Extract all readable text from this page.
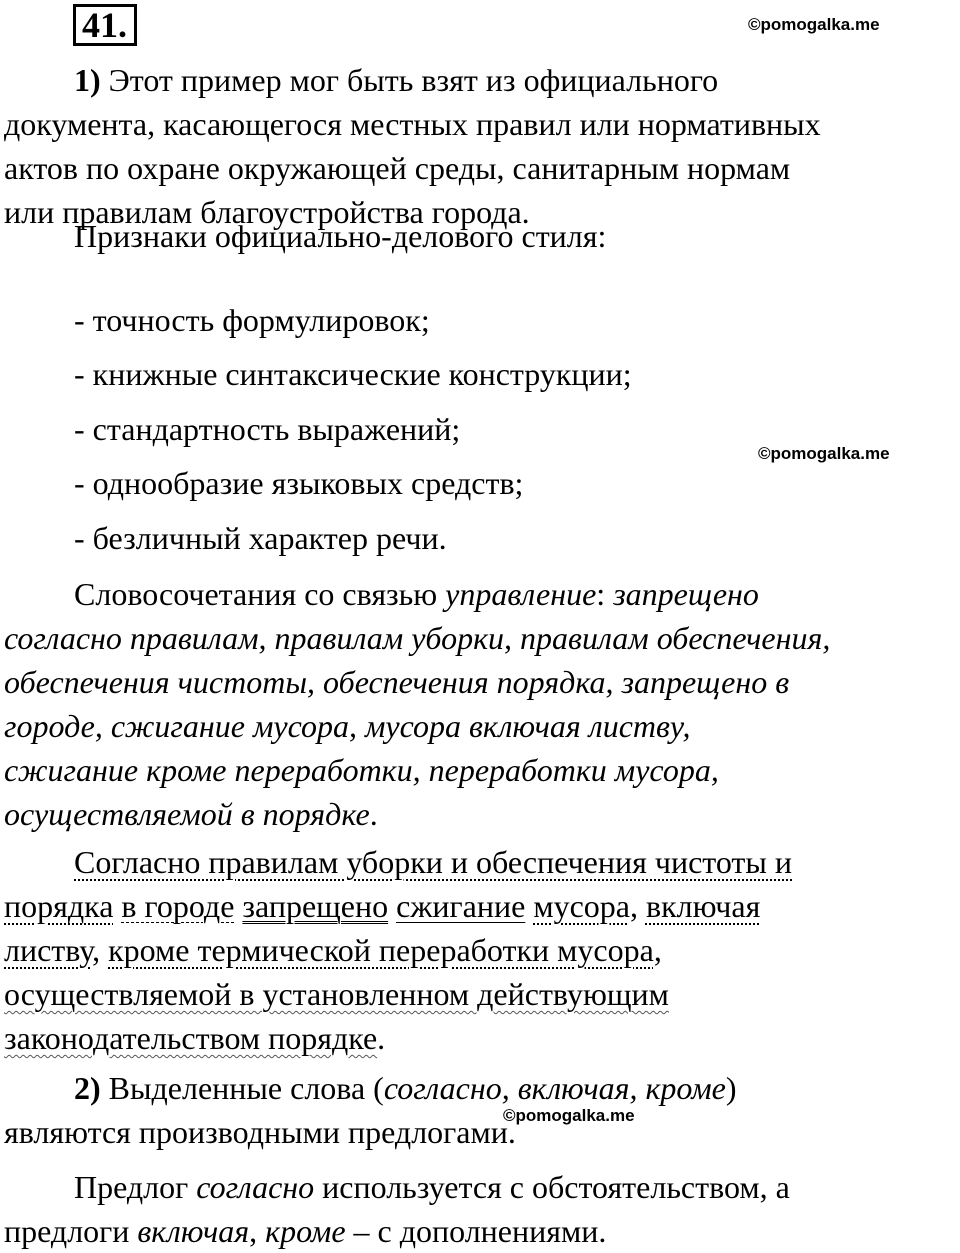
41.	©pomogalka.me
©pomogalka.me
©pomogalka.me
1) Этот пример мог быть взят из официального
документа, касающегося местных правил или нормативных
актов по охране окружающей среды, санитарным нормам
или правилам благоустройства города.
Признаки официально-делового стиля:
- точность формулировок;
- книжные синтаксические конструкции;
- стандартность выражений;
- однообразие языковых средств;
- безличный характер речи.
Словосочетания со связью управление: запрещено
согласно правилам, правилам уборки, правилам обеспечения,
обеспечения чистоты, обеспечения порядка, запрещено в
городе, сжигание мусора, мусора включая листву,
сжигание кроме переработки, переработки мусора,
осуществляемой в порядке.
Согласно правилам уборки и обеспечения чистоты и
порядка в городе запрещено сжигание мусора, включая
листву, кроме термической переработки мусора,
осуществляемой в установленном действующим
законодательством порядке.
2) Выделенные слова (согласно, включая, кроме)
являются производными предлогами.
Предлог согласно используется с обстоятельством, а
предлоги включая, кроме – с дополнениями.
